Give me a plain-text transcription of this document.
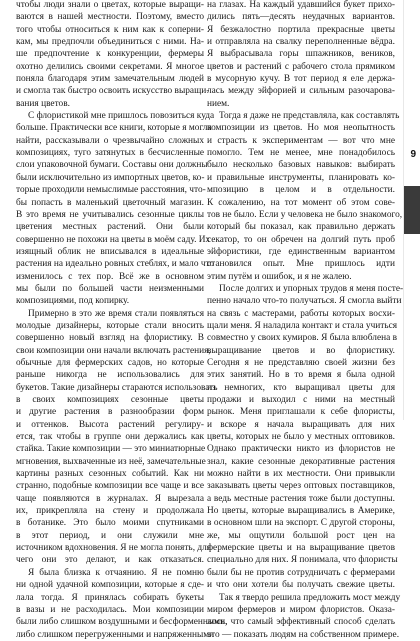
чтобы люди знали о цветах, которые выращи-
ваются в нашей местности. Поэтому, вместо
того чтобы относиться к ним как к соперни-
кам, мы предпочли объединиться с ними. На-
ше предпочтение к конкуренции, фермеры
охотно делились своими секретами. Я многое
поняла благодаря этим замечательным людей
и смогла так быстро освоить искусство выращи-
вания цветов.
С флористикой мне пришлось повозиться куда
больше. Практически все книги, которые я могла
найти, рассказывали о чрезвычайно сложных
композициях, туго затянутых в бесчисленные
слои упаковочной бумаги. Составы они должны
были исключительно из импортных цветов, ко-
торые проходили немыслимые расстояния, что-
бы попасть в маленький цветочный магазин.
В это время не учитывались сезонные циклы
цветения местных растений. Они были
совершенно не похожи на цветы в моём саду. Их
изящный облик не вписывался в идеальные
растения на идеально ровных стеблях, и мало что
изменилось с тех пор. Всё же в основном
мы были по большей части неизменными
композициями, под копирку.
Примерно в это же время стали появляться
молодые дизайнеры, которые стали вносить
совершенно новый взгляд на флористику. В
свои композиции они начали включать растения,
обычные для фермерских садов, но которые
раньше никогда не использовались для
букетов. Такие дизайнеры стараются использовать
в своих композициях сезонные цветы
и другие растения в разнообразии форм
и оттенков. Высота растений регулиру-
ется, так чтобы в группе они держались как
стайка. Такие композиции — это миниатюрные
мгновения, выхваченные из неё, замечательные
картины разных сезонных событий. Как ни
странно, подобные композиции все чаще и все
чаще появляются в журналах. Я вырезала
их, прикрепляла на стену и продолжала
в ботанике. Это было моими спутниками
в этот период, и они служили мне
источником вдохновения. Я не могла понять, для
чего они это делают, и как отказаться.
Я была близка к отчаянию. Я не помню
ни одной удачной композиции, которые я сде-
лала тогда. Я принялась собирать букеты
в вазы и не расходилась. Мои композиции
были либо слишком воздушными и бесформенными,
либо слишком перегруженными и напряженными
на глазах. На каждый удавшийся букет прихо-
дились пять—десять неудачных вариантов.
Я безжалостно портила прекрасные цветы
и отправляла на свалку переполненные вёдра.
Я выбрасывала горы шпажников, веников,
цветов и растений с рабочего стола прямиком
в мусорную кучу. В тот период я еле держа-
лась между эйфорией и сильным разочарова-
нием.
Тогда я даже не представляла, как составлять
композиции из цветов. Но моя неопытность
и страсть к экспериментам — вот что мне
помогло. Тем не менее, мне понадобилось
было несколько базовых навыков: выбирать
и правильные инструменты, планировать ко-
мпозицию в целом и в отдельности.
К сожалению, на тот момент об этом сове-
тов не было. Если у человека не было знакомого,
который бы показал, как правильно держать
секатор, то он обречен на долгий путь проб
эйфористики, где единственным вариантом
становился опыт. Мне пришлось идти
этим путём и ошибок, и я не жалею.
После долгих и упорных трудов я меня посте-
пенно начало что-то получаться. Я смогла выйти
на связь с мастерами, работы которых восхи-
щали меня. Я наладила контакт и стала учиться
совместно у своих кумиров. Я была влюблена в
выращивание цветов и во флористику.
Сегодня я не представляю своей жизни без
этих занятий. Но в то время я была одной
из немногих, кто выращивал цветы для
продажи и выходил с ними на местный
рынок. Меня приглашали к себе флористы,
и вскоре я начала выращивать для них
цветы, которых не было у местных оптовиков.
Однако практически никто из флористов не
знал, какие сезонные декоративные растения
можно найти в их местности. Они привыкли
заказывать цветы через оптовых поставщиков,
а ведь местные растения тоже были доступны.
Но цветы, которые выращивались в Америке,
в основном шли на экспорт. С другой стороны,
же, мы ощутили большой рост цен на
фермерские цветы и на выращивание цветов
специально для них. Я понимала, что флористы
были бы не против сотрудничать с фермерами
и что они хотели бы получать свежие цветы.
Так я твердо решила предложить мост между
миром фермеров и миром флористов. Оказа-
лось, что самый эффективный способ сделать
это — показать людям на собственном примере.
9
